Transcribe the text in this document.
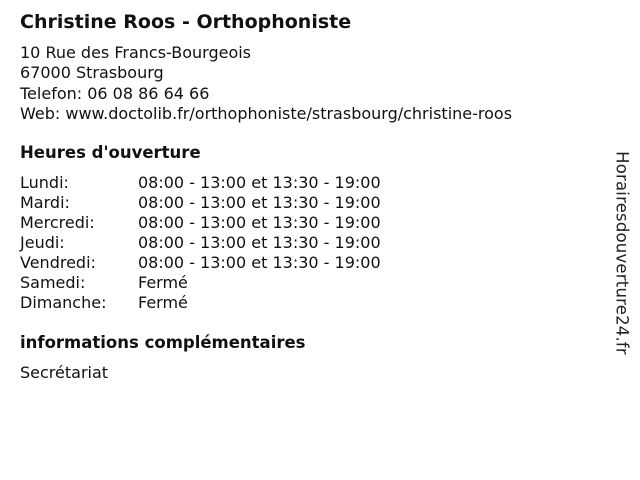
Christine Roos - Orthophoniste
10 Rue des Francs-Bourgeois
67000 Strasbourg
Telefon: 06 08 86 64 66
Web: www.doctolib.fr/orthophoniste/strasbourg/christine-roos
Heures d'ouverture
Lundi:	08:00 - 13:00 et 13:30 - 19:00
Mardi:	08:00 - 13:00 et 13:30 - 19:00
Mercredi:	08:00 - 13:00 et 13:30 - 19:00
Jeudi:	08:00 - 13:00 et 13:30 - 19:00
Vendredi:	08:00 - 13:00 et 13:30 - 19:00
Samedi:	Fermé
Dimanche:	Fermé
informations complémentaires
Secrétariat
Horairesdouverture24.fr
